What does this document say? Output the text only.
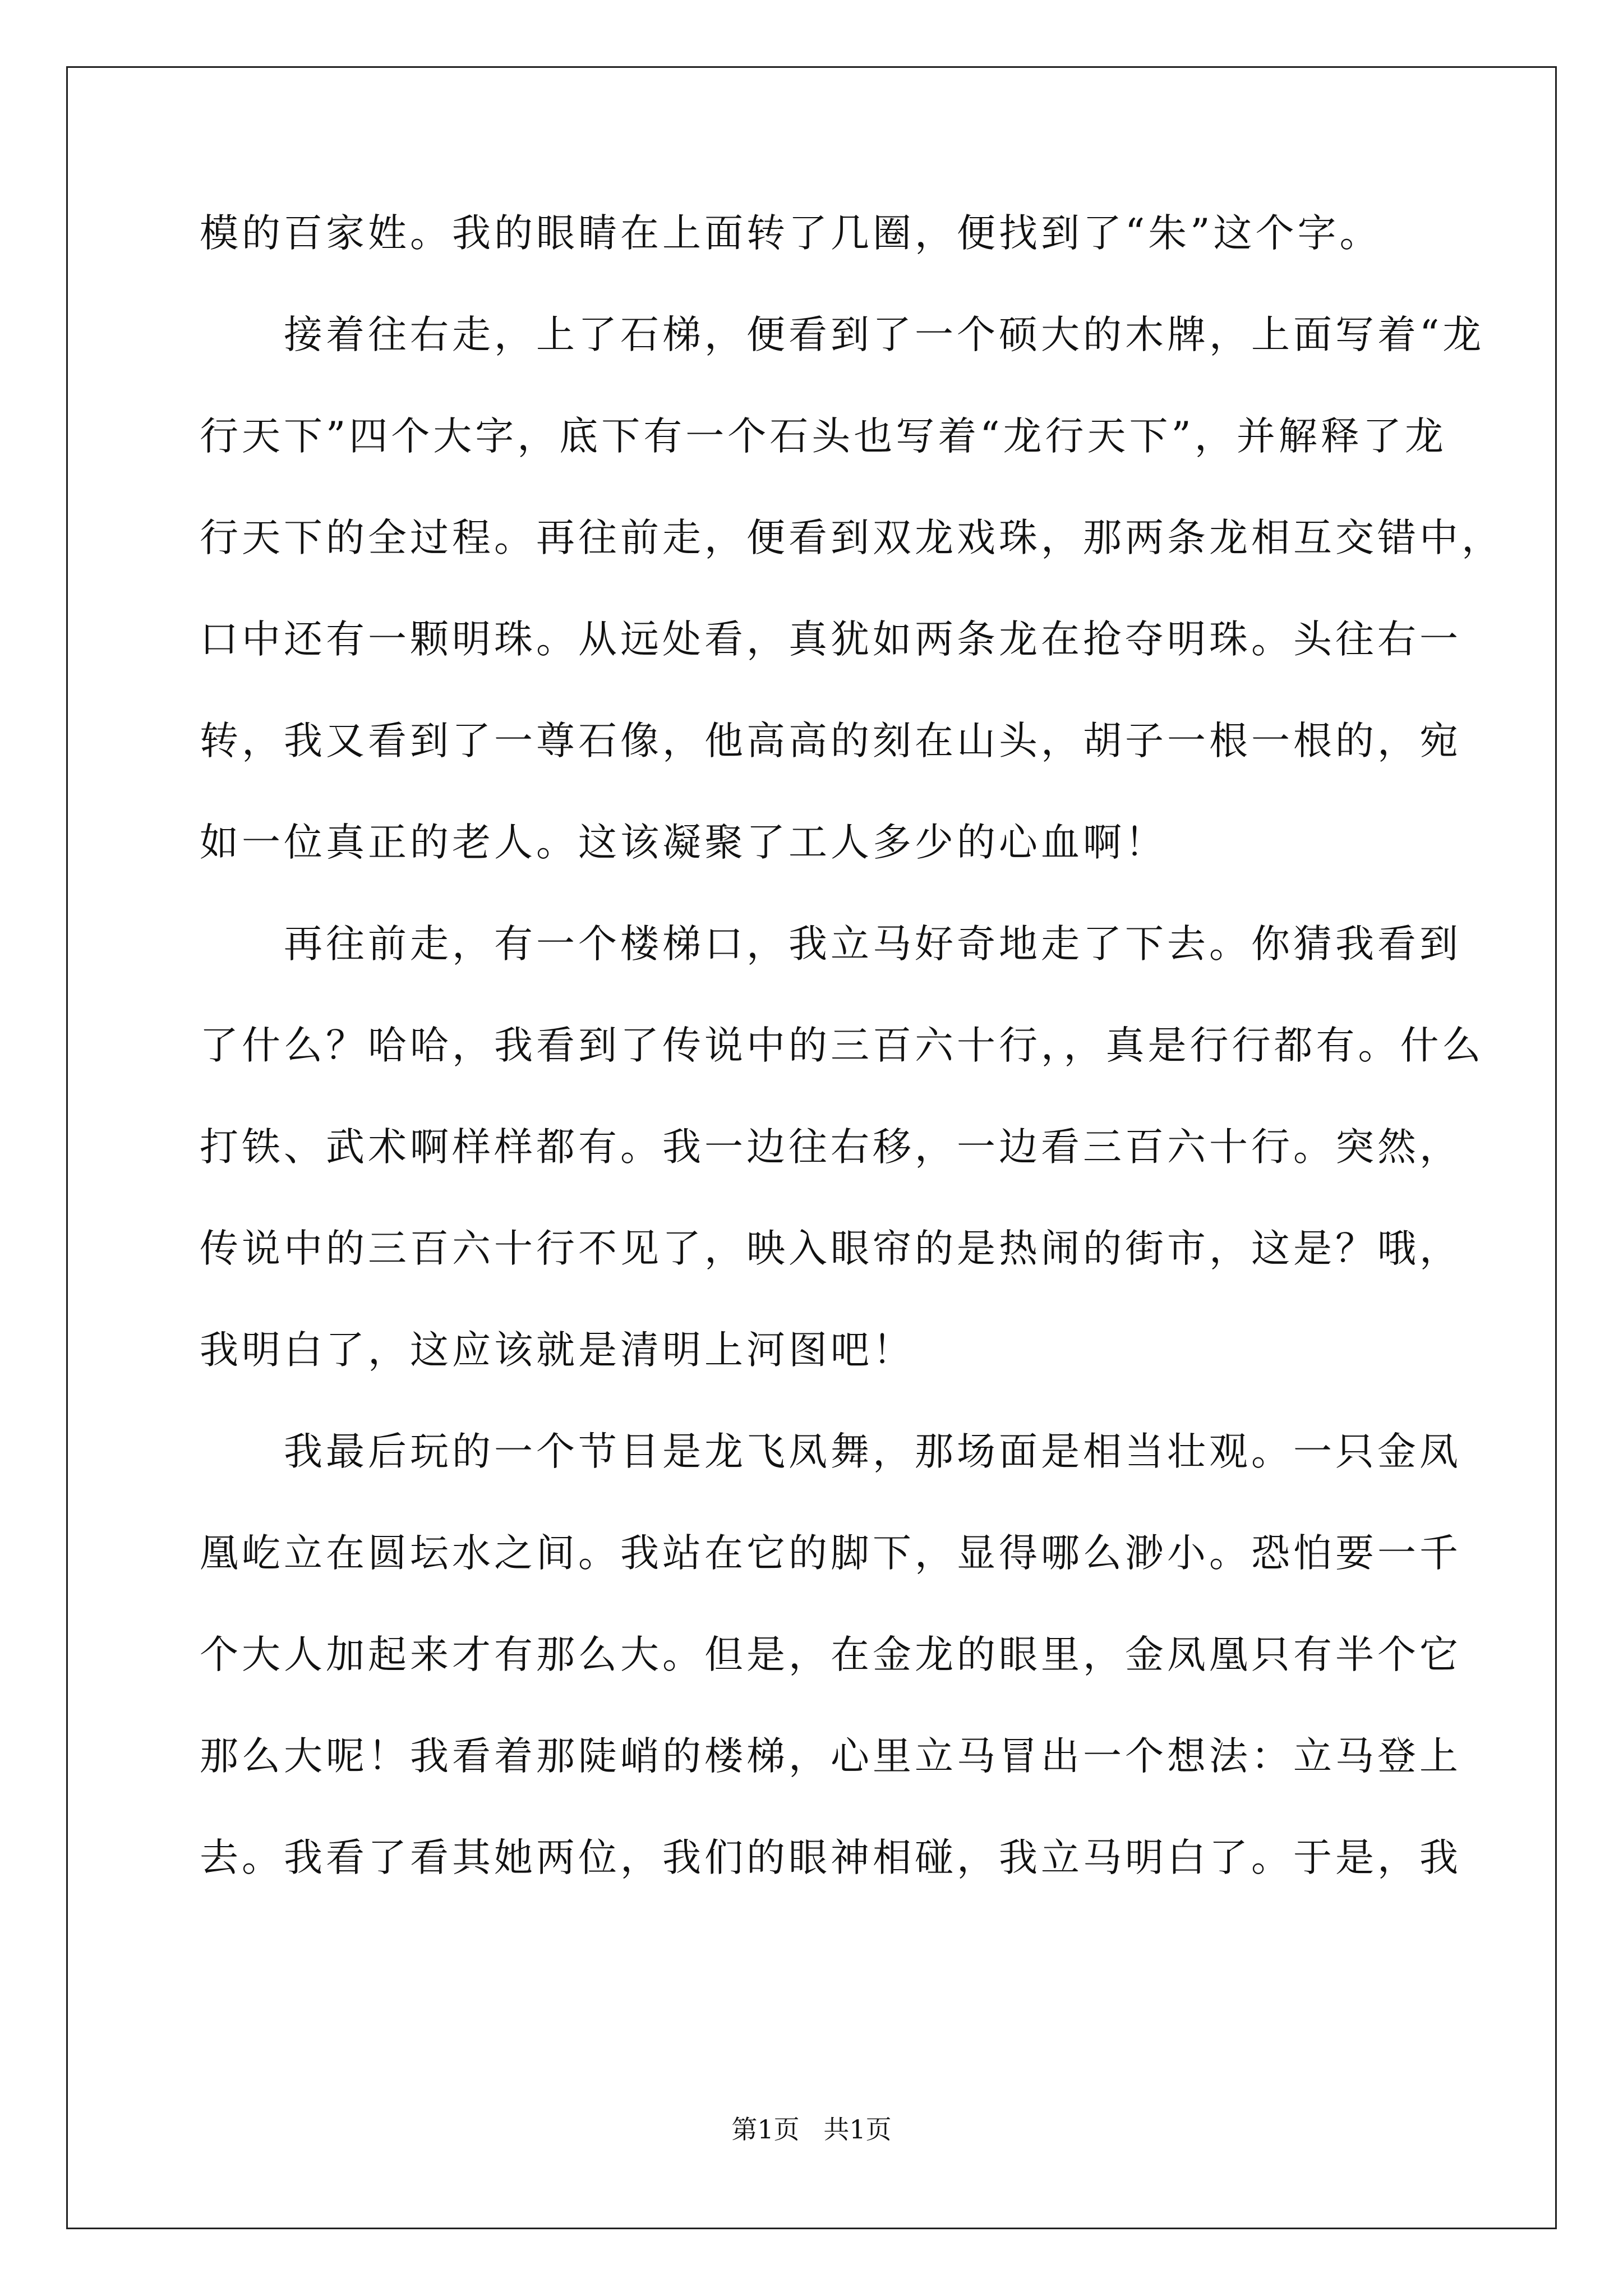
模的百家姓。我的眼睛在上面转了几圈，便找到了“朱”这个字。
　　接着往右走，上了石梯，便看到了一个硕大的木牌，上面写着“龙
行天下”四个大字，底下有一个石头也写着“龙行天下”，并解释了龙
行天下的全过程。再往前走，便看到双龙戏珠，那两条龙相互交错中，
口中还有一颗明珠。从远处看，真犹如两条龙在抢夺明珠。头往右一
转，我又看到了一尊石像，他高高的刻在山头，胡子一根一根的，宛
如一位真正的老人。这该凝聚了工人多少的心血啊！
　　再往前走，有一个楼梯口，我立马好奇地走了下去。你猜我看到
了什么？哈哈，我看到了传说中的三百六十行，，真是行行都有。什么
打铁、武术啊样样都有。我一边往右移，一边看三百六十行。突然，
传说中的三百六十行不见了，映入眼帘的是热闹的街市，这是？哦，
我明白了，这应该就是清明上河图吧！
　　我最后玩的一个节目是龙飞凤舞，那场面是相当壮观。一只金凤
凰屹立在圆坛水之间。我站在它的脚下，显得哪么渺小。恐怕要一千
个大人加起来才有那么大。但是，在金龙的眼里，金凤凰只有半个它
那么大呢！我看着那陡峭的楼梯，心里立马冒出一个想法：立马登上
去。我看了看其她两位，我们的眼神相碰，我立马明白了。于是，我
第1页 共1页
